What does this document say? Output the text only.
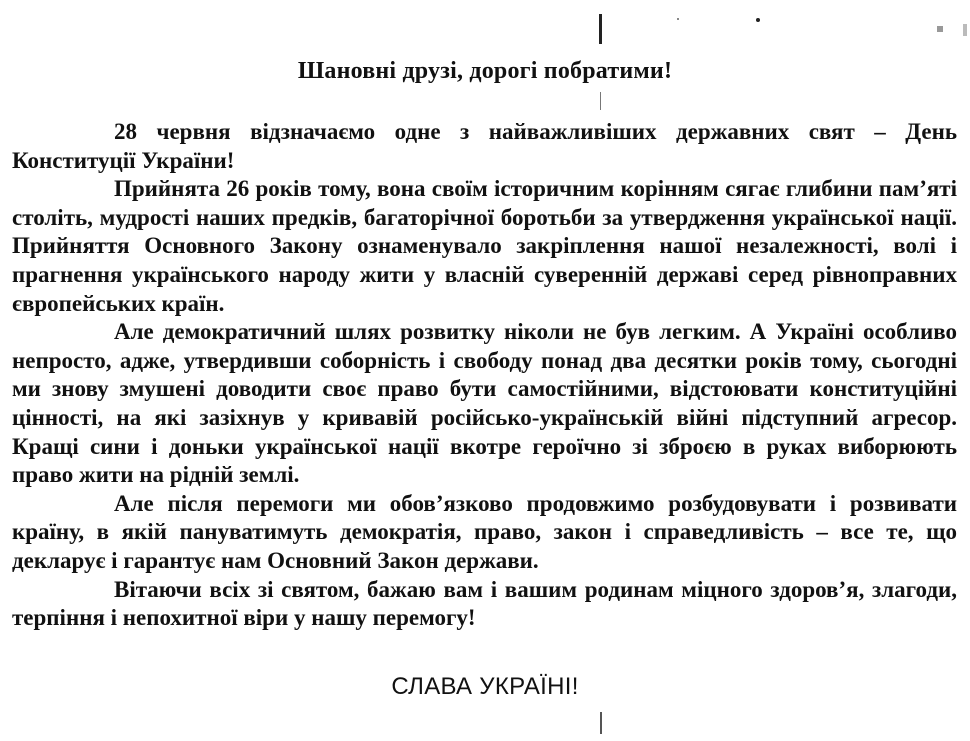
Шановні друзі, дорогі побратими!

28 червня відзначаємо одне з найважливіших державних свят – День Конституції України!

Прийнята 26 років тому, вона своїм історичним корінням сягає глибини пам’яті століть, мудрості наших предків, багаторічної боротьби за утвердження української нації. Прийняття Основного Закону ознаменувало закріплення нашої незалежності, волі і прагнення українського народу жити у власній суверенній державі серед рівноправних європейських країн.

Але демократичний шлях розвитку ніколи не був легким. А Україні особливо непросто, адже, утвердивши соборність і свободу понад два десятки років тому, сьогодні ми знову змушені доводити своє право бути самостійними, відстоювати конституційні цінності, на які зазіхнув у кривавій російсько-українській війні підступний агресор. Кращі сини і доньки української нації вкотре героїчно зі зброєю в руках виборюють право жити на рідній землі.

Але після перемоги ми обов’язково продовжимо розбудовувати і розвивати країну, в якій пануватимуть демократія, право, закон і справедливість – все те, що декларує і гарантує нам Основний Закон держави.

Вітаючи всіх зі святом, бажаю вам і вашим родинам міцного здоров’я, злагоди, терпіння і непохитної віри у нашу перемогу!

СЛАВА УКРАЇНІ!
